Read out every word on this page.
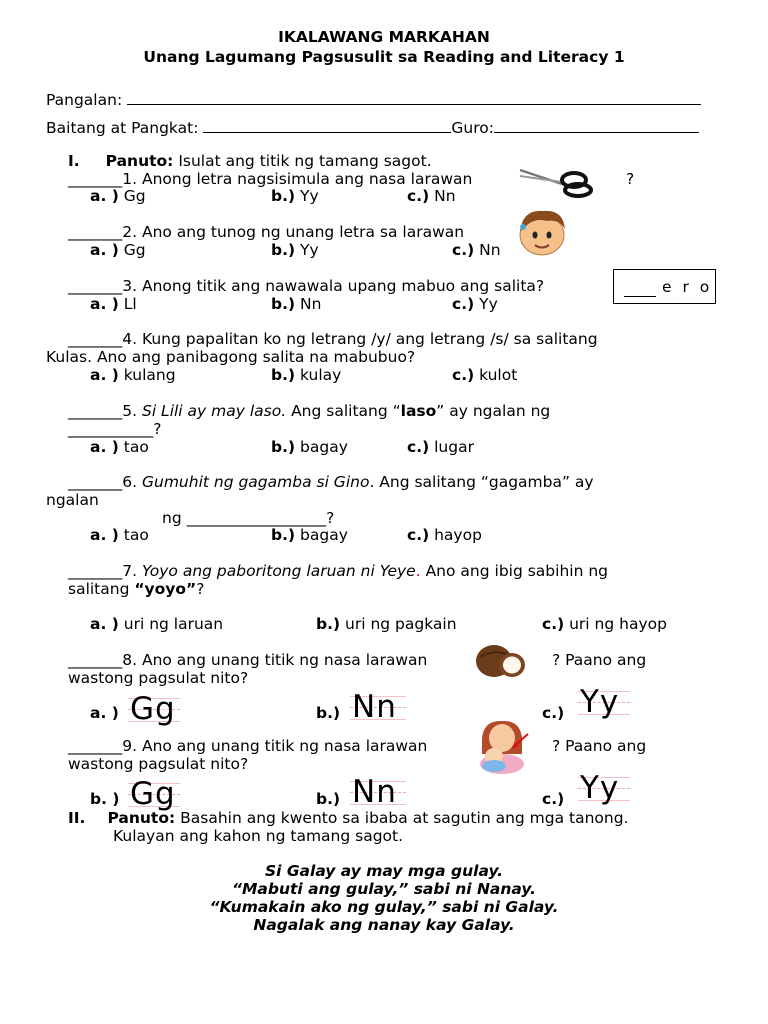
IKALAWANG MARKAHAN
Unang Lagumang Pagsusulit sa Reading and Literacy 1
Pangalan:
Baitang at Pangkat:	Guro:
I. Panuto: Isulat ang titik ng tamang sagot.
_______1. Anong letra nagsisimula ang nasa larawan	?
a. ) Gg	b.) Yy	c.) Nn
_______2. Ano ang tunog ng unang letra sa larawan
a. ) Gg	b.) Yy	c.) Nn
_______3. Anong titik ang nawawala upang mabuo ang salita?	e r o
a. ) Ll	b.) Nn	c.) Yy
_______4. Kung papalitan ko ng letrang /y/ ang letrang /s/ sa salitang
Kulas. Ano ang panibagong salita na mabubuo?
a. ) kulang	b.) kulay	c.) kulot
_______5. Si Lili ay may laso. Ang salitang “laso” ay ngalan ng
___________?
a. ) tao	b.) bagay	c.) lugar
_______6. Gumuhit ng gagamba si Gino. Ang salitang “gagamba” ay
ngalan
ng __________________?
a. ) tao	b.) bagay	c.) hayop
_______7. Yoyo ang paboritong laruan ni Yeye. Ano ang ibig sabihin ng
salitang “yoyo”?
a. ) uri ng laruan	b.) uri ng pagkain	c.) uri ng hayop
_______8. Ano ang unang titik ng nasa larawan	? Paano ang
wastong pagsulat nito?
a. ) Gg	b.) Nn	c.) Yy
_______9. Ano ang unang titik ng nasa larawan	? Paano ang
wastong pagsulat nito?
b. ) Gg	b.) Nn	c.) Yy
II. Panuto: Basahin ang kwento sa ibaba at sagutin ang mga tanong.
Kulayan ang kahon ng tamang sagot.
Si Galay ay may mga gulay.
“Mabuti ang gulay,” sabi ni Nanay.
“Kumakain ako ng gulay,” sabi ni Galay.
Nagalak ang nanay kay Galay.
